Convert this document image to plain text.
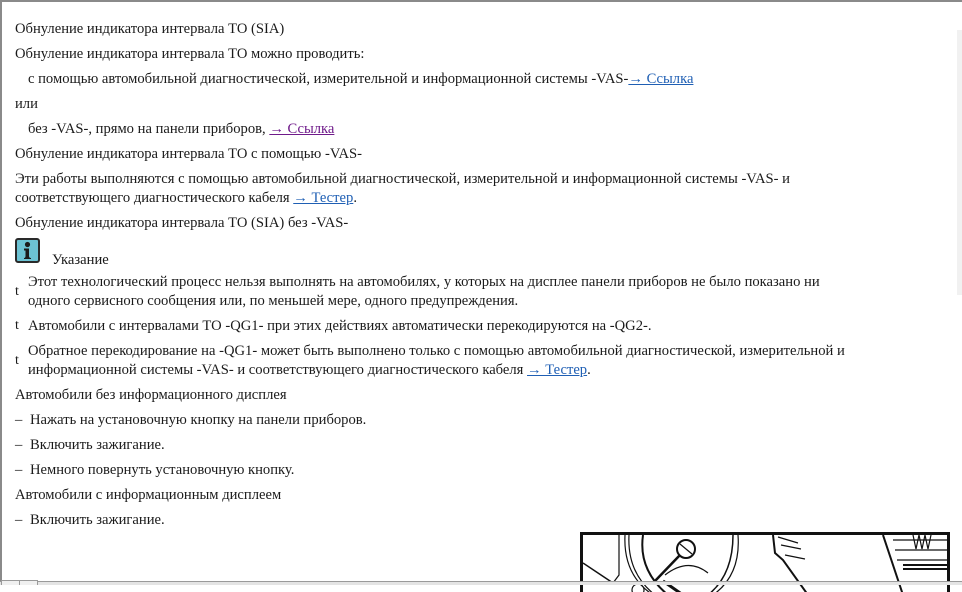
Обнуление индикатора интервала ТО (SIA)
Обнуление индикатора интервала ТО можно проводить:
с помощью автомобильной диагностической, измерительной и информационной системы -VAS-→ Ссылка
или
без -VAS-, прямо на панели приборов, → Ссылка
Обнуление индикатора интервала ТО с помощью -VAS-
Эти работы выполняются с помощью автомобильной диагностической, измерительной и информационной системы -VAS- и
соответствующего диагностического кабеля → Тестер.
Обнуление индикатора интервала ТО (SIA) без -VAS-
Указание
t
Этот технологический процесс нельзя выполнять на автомобилях, у которых на дисплее панели приборов не было показано ни
одного сервисного сообщения или, по меньшей мере, одного предупреждения.
t Автомобили с интервалами ТО -QG1- при этих действиях автоматически перекодируются на -QG2-.
t
Обратное перекодирование на -QG1- может быть выполнено только с помощью автомобильной диагностической, измерительной и
информационной системы -VAS- и соответствующего диагностического кабеля → Тестер.
Автомобили без информационного дисплея
– Нажать на установочную кнопку на панели приборов.
– Включить зажигание.
– Немного повернуть установочную кнопку.
Автомобили с информационным дисплеем
– Включить зажигание.
